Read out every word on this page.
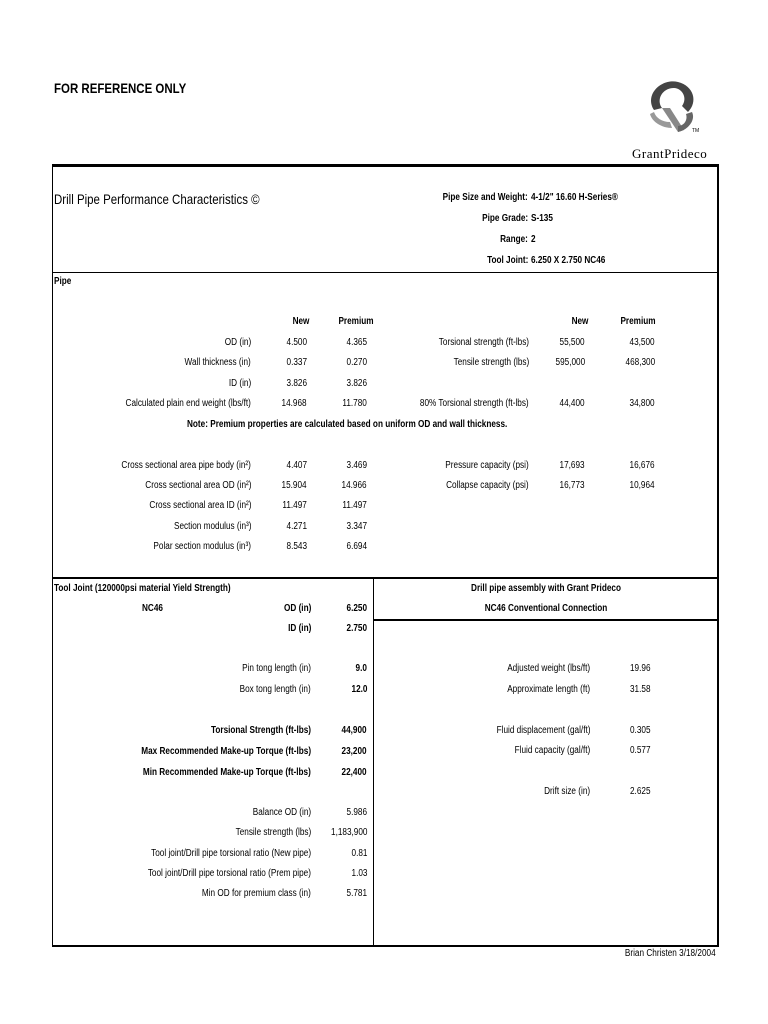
FOR REFERENCE ONLY
TM
GrantPrideco
Drill Pipe Performance Characteristics ©	Pipe Size and Weight: 4-1/2" 16.60 H-Series®
Pipe Grade: S-135
Range: 2
Tool Joint: 6.250 X 2.750 NC46
Pipe
New	Premium	New	Premium
OD (in)	4.500	4.365
Wall thickness (in)	0.337	0.270
ID (in)	3.826	3.826
Calculated plain end weight (lbs/ft)	14.968	11.780
Torsional strength (ft-lbs)	55,500	43,500
Tensile strength (lbs)	595,000	468,300
80% Torsional strength (ft-lbs)	44,400	34,800
Note: Premium properties are calculated based on uniform OD and wall thickness.
Cross sectional area pipe body (in²)	4.407	3.469
Cross sectional area OD (in²)	15.904	14.966
Cross sectional area ID (in²)	11.497	11.497
Section modulus (in³)	4.271	3.347
Polar section modulus (in³)	8.543	6.694
Pressure capacity (psi)	17,693	16,676
Collapse capacity (psi)	16,773	10,964
Tool Joint (120000psi material Yield Strength)
NC46	OD (in)	6.250
ID (in)	2.750
Pin tong length (in)	9.0
Box tong length (in)	12.0
Torsional Strength (ft-lbs)	44,900
Max Recommended Make-up Torque (ft-lbs)	23,200
Min Recommended Make-up Torque (ft-lbs)	22,400
Balance OD (in)	5.986
Tensile strength (lbs) 1,183,900
Tool joint/Drill pipe torsional ratio (New pipe)	0.81
Tool joint/Drill pipe torsional ratio (Prem pipe)	1.03
Min OD for premium class (in)	5.781
Drill pipe assembly with Grant Prideco
NC46 Conventional Connection
Adjusted weight (lbs/ft)	19.96
Approximate length (ft)	31.58
Fluid displacement (gal/ft)	0.305
Fluid capacity (gal/ft)	0.577
Drift size (in)	2.625
Brian Christen 3/18/2004
